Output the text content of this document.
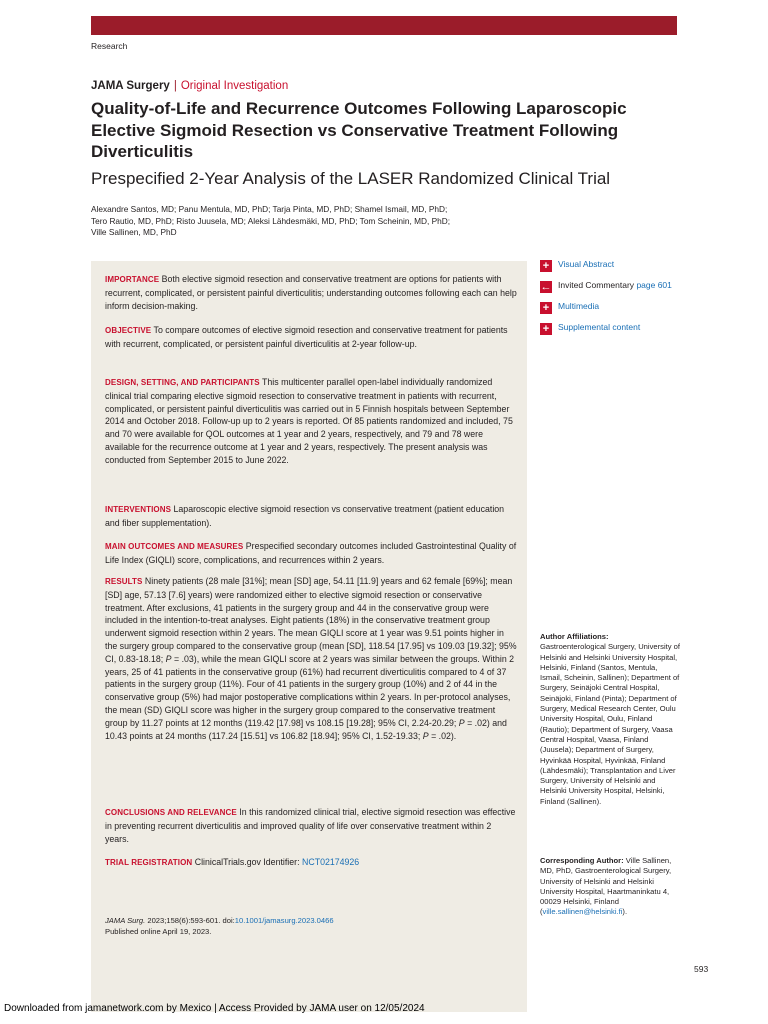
Research
JAMA Surgery | Original Investigation
Quality-of-Life and Recurrence Outcomes Following Laparoscopic Elective Sigmoid Resection vs Conservative Treatment Following Diverticulitis
Prespecified 2-Year Analysis of the LASER Randomized Clinical Trial
Alexandre Santos, MD; Panu Mentula, MD, PhD; Tarja Pinta, MD, PhD; Shamel Ismail, MD, PhD;
Tero Rautio, MD, PhD; Risto Juusela, MD; Aleksi Lähdesmäki, MD, PhD; Tom Scheinin, MD, PhD;
Ville Sallinen, MD, PhD

IMPORTANCE Both elective sigmoid resection and conservative treatment are options for patients with recurrent, complicated, or persistent painful diverticulitis; understanding outcomes following each can help inform decision-making.

OBJECTIVE To compare outcomes of elective sigmoid resection and conservative treatment for patients with recurrent, complicated, or persistent painful diverticulitis at 2-year follow-up.

DESIGN, SETTING, AND PARTICIPANTS This multicenter parallel open-label individually randomized clinical trial comparing elective sigmoid resection to conservative treatment in patients with recurrent, complicated, or persistent painful diverticulitis was carried out in 5 Finnish hospitals between September 2014 and October 2018. Follow-up up to 2 years is reported. Of 85 patients randomized and included, 75 and 70 were available for QOL outcomes at 1 year and 2 years, respectively, and 79 and 78 were available for the recurrence outcome at 1 year and 2 years, respectively. The present analysis was conducted from September 2015 to June 2022.

INTERVENTIONS Laparoscopic elective sigmoid resection vs conservative treatment (patient education and fiber supplementation).

MAIN OUTCOMES AND MEASURES Prespecified secondary outcomes included Gastrointestinal Quality of Life Index (GIQLI) score, complications, and recurrences within 2 years.

RESULTS Ninety patients (28 male [31%]; mean [SD] age, 54.11 [11.9] years and 62 female [69%]; mean [SD] age, 57.13 [7.6] years) were randomized either to elective sigmoid resection or conservative treatment. After exclusions, 41 patients in the surgery group and 44 in the conservative group were included in the intention-to-treat analyses. Eight patients (18%) in the conservative treatment group underwent sigmoid resection within 2 years. The mean GIQLI score at 1 year was 9.51 points higher in the surgery group compared to the conservative group (mean [SD], 118.54 [17.95] vs 109.03 [19.32]; 95% CI, 0.83-18.18; P = .03), while the mean GIQLI score at 2 years was similar between the groups. Within 2 years, 25 of 41 patients in the conservative group (61%) had recurrent diverticulitis compared to 4 of 37 patients in the surgery group (11%). Four of 41 patients in the surgery group (10%) and 2 of 44 in the conservative group (5%) had major postoperative complications within 2 years. In per-protocol analyses, the mean (SD) GIQLI score was higher in the surgery group compared to the conservative treatment group by 11.27 points at 12 months (119.42 [17.98] vs 108.15 [19.28]; 95% CI, 2.24-20.29; P = .02) and 10.43 points at 24 months (117.24 [15.51] vs 106.82 [18.94]; 95% CI, 1.52-19.33; P = .02).

CONCLUSIONS AND RELEVANCE In this randomized clinical trial, elective sigmoid resection was effective in preventing recurrent diverticulitis and improved quality of life over conservative treatment within 2 years.

TRIAL REGISTRATION ClinicalTrials.gov Identifier: NCT02174926

JAMA Surg. 2023;158(6):593-601. doi:10.1001/jamasurg.2023.0466
Published online April 19, 2023.
+	Visual Abstract
← Invited Commentary page 601
+	Multimedia
+	Supplemental content
Author Affiliations:
Gastroenterological Surgery, University of Helsinki and Helsinki University Hospital, Helsinki, Finland (Santos, Mentula, Ismail, Scheinin, Sallinen); Department of Surgery, Seinäjoki Central Hospital, Seinäjoki, Finland (Pinta); Department of Surgery, Medical Research Center, Oulu University Hospital, Oulu, Finland (Rautio); Department of Surgery, Vaasa Central Hospital, Vaasa, Finland (Juusela); Department of Surgery, Hyvinkää Hospital, Hyvinkää, Finland (Lähdesmäki); Transplantation and Liver Surgery, University of Helsinki and Helsinki University Hospital, Helsinki, Finland (Sallinen).
Corresponding Author: Ville Sallinen, MD, PhD, Gastroenterological Surgery, University of Helsinki and Helsinki University Hospital, Haartmaninkatu 4, 00029 Helsinki, Finland (ville.sallinen@helsinki.fi).
593
Downloaded from jamanetwork.com by Mexico | Access Provided by JAMA user on 12/05/2024
